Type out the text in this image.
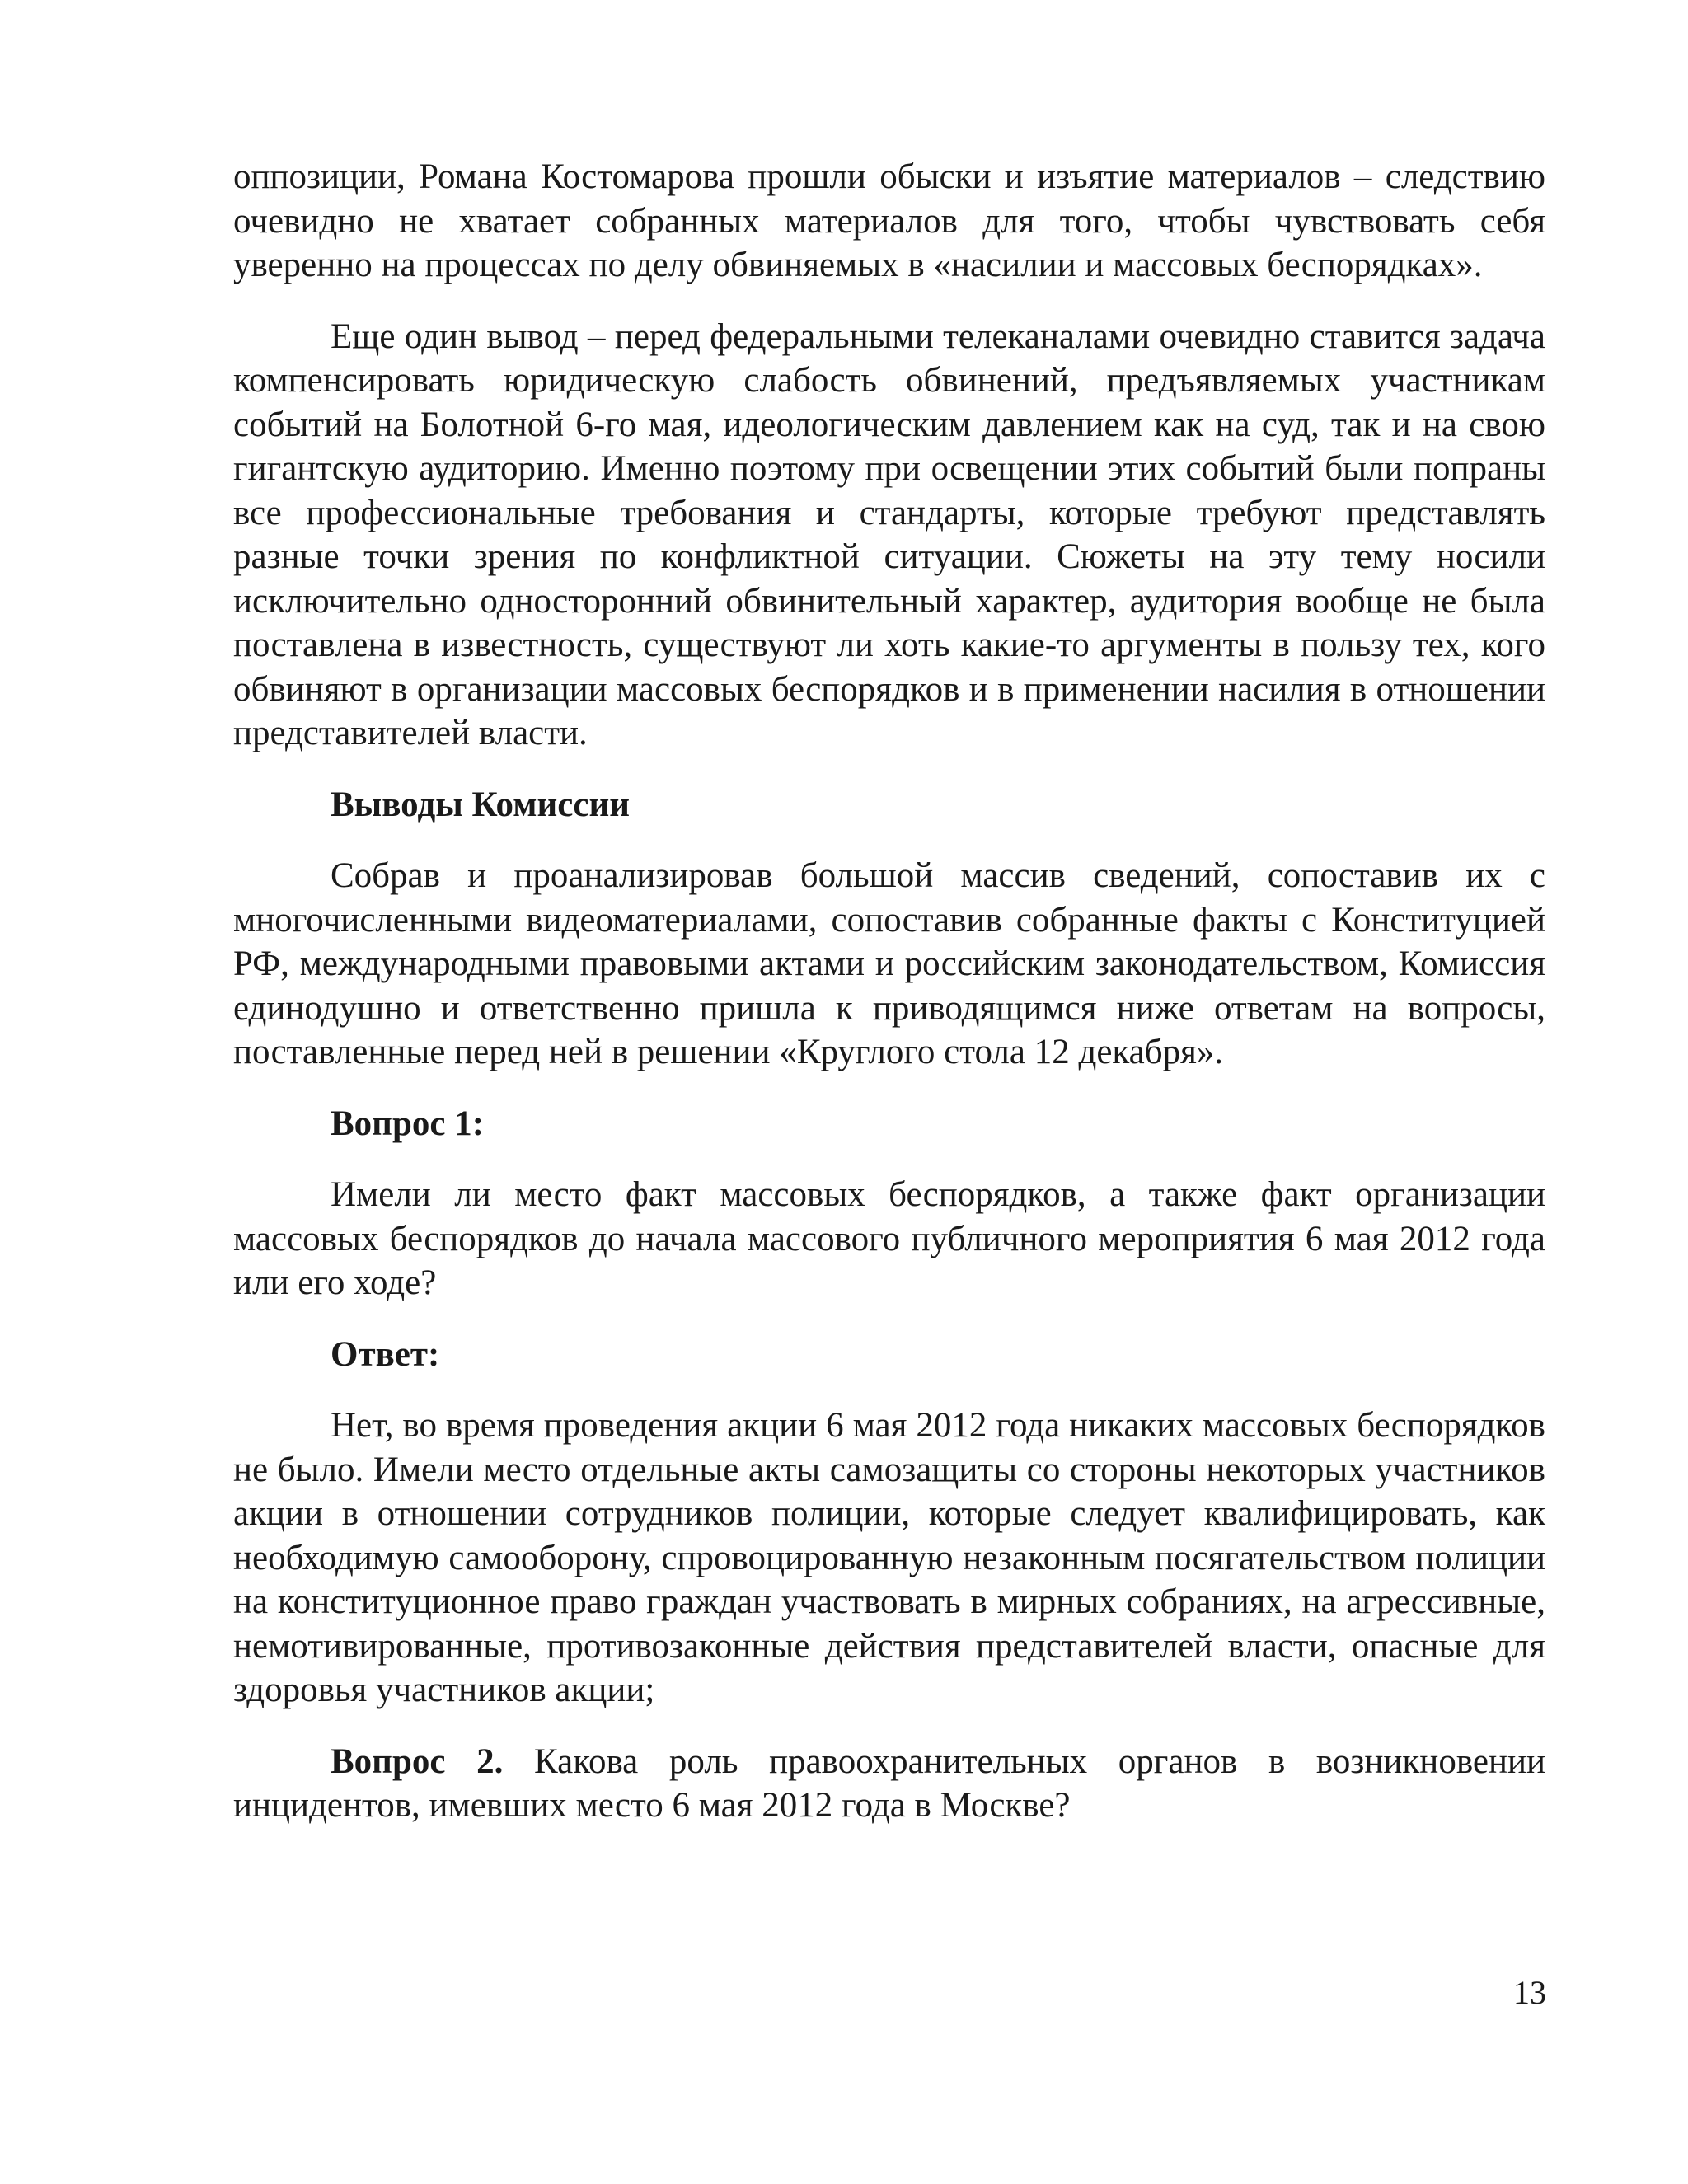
оппозиции, Романа Костомарова прошли обыски и изъятие материалов – следствию очевидно не хватает собранных материалов для того, чтобы чувствовать себя уверенно на процессах по делу обвиняемых в «насилии и массовых беспорядках».

Еще один вывод – перед федеральными телеканалами очевидно ставится задача компенсировать юридическую слабость обвинений, предъявляемых участникам событий на Болотной 6-го мая, идеологическим давлением как на суд, так и на свою гигантскую аудиторию. Именно поэтому при освещении этих событий были попраны все профессиональные требования и стандарты, которые требуют представлять разные точки зрения по конфликтной ситуации. Сюжеты на эту тему носили исключительно односторонний обвинительный характер, аудитория вообще не была поставлена в известность, существуют ли хоть какие-то аргументы в пользу тех, кого обвиняют в организации массовых беспорядков и в применении насилия в отношении представителей власти.

Выводы Комиссии

Собрав и проанализировав большой массив сведений, сопоставив их с многочисленными видеоматериалами, сопоставив собранные факты с Конституцией РФ, международными правовыми актами и российским законодательством, Комиссия единодушно и ответственно пришла к приводящимся ниже ответам на вопросы, поставленные перед ней в решении «Круглого стола 12 декабря».

Вопрос 1:

Имели ли место факт массовых беспорядков, а также факт организации массовых беспорядков до начала массового публичного мероприятия 6 мая 2012 года или его ходе?

Ответ:

Нет, во время проведения акции 6 мая 2012 года никаких массовых беспорядков не было. Имели место отдельные акты самозащиты со стороны некоторых участников акции в отношении сотрудников полиции, которые следует квалифицировать, как необходимую самооборону, спровоцированную незаконным посягательством полиции на конституционное право граждан участвовать в мирных собраниях, на агрессивные, немотивированные, противозаконные действия представителей власти, опасные для здоровья участников акции;

Вопрос 2. Какова роль правоохранительных органов в возникновении инцидентов, имевших место 6 мая 2012 года в Москве?

13
